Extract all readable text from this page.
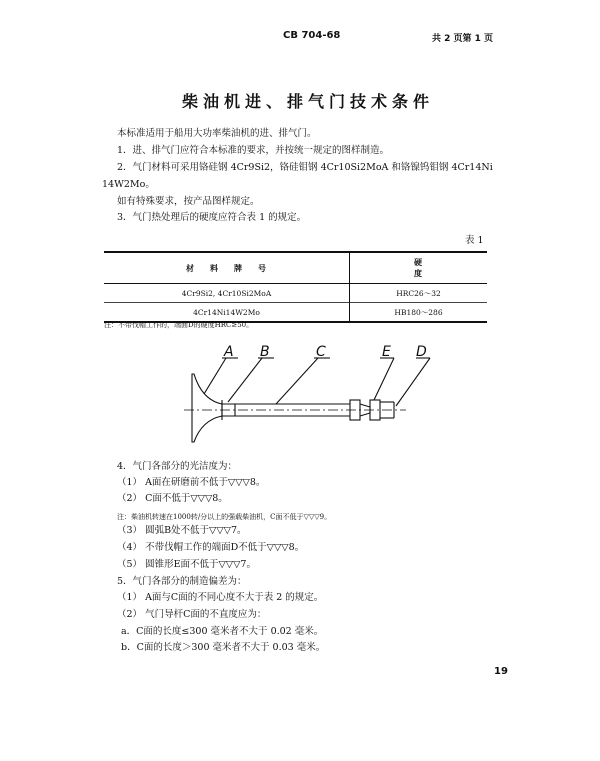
CB 704-68	共 2 页第 1 页
柴油机进、排气门技术条件
本标准适用于船用大功率柴油机的进、排气门。
1．进、排气门应符合本标准的要求，并按统一规定的图样制造。
2．气门材料可采用铬硅钢 4Cr9Si2，铬硅钼钢 4Cr10Si2MoA 和铬镍钨钼钢 4Cr14Ni
14W2Mo。
如有特殊要求，按产品图样规定。
3．气门热处理后的硬度应符合表 1 的规定。
表 1
材料牌号	硬度
4Cr9Si2, 4Cr10Si2MoA	HRC26～32
4Cr14Ni14W2Mo	HB180～286
注：不带伐帽工作的，端面D的硬度HRC≥50。
A B	C	E D
4．气门各部分的光洁度为：
（1） A面在研磨前不低于▽▽▽8。
（2） C面不低于▽▽▽8。
注：柴油机转速在1000转/分以上的强载柴油机，C面不低于▽▽▽9。
（3） 圆弧B处不低于▽▽▽7。
（4） 不带伐帽工作的端面D不低于▽▽▽8。
（5） 圆锥形E面不低于▽▽▽7。
5．气门各部分的制造偏差为：
（1） A面与C面的不同心度不大于表 2 的规定。
（2） 气门导杆C面的不直度应为：
a．C面的长度≤300 毫米者不大于 0.02 毫米。
b．C面的长度＞300 毫米者不大于 0.03 毫米。
19
